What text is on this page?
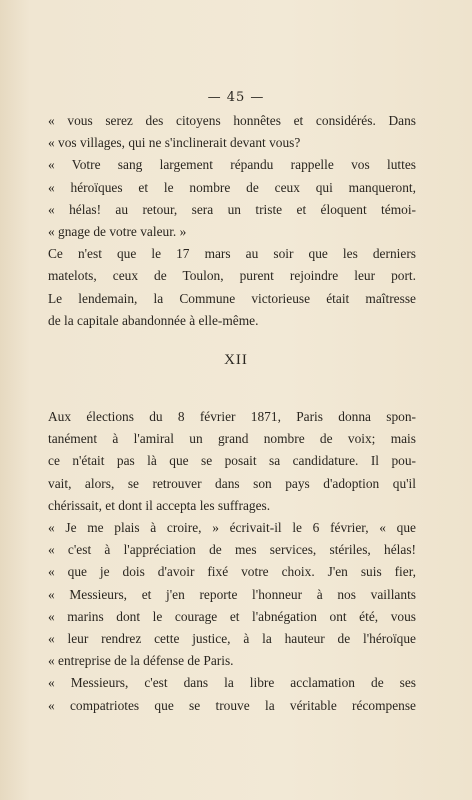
— 45 —
« vous serez des citoyens honnêtes et considérés. Dans
« vos villages, qui ne s'inclinerait devant vous?
« Votre sang largement répandu rappelle vos luttes
« héroïques et le nombre de ceux qui manqueront,
« hélas! au retour, sera un triste et éloquent témoi-
« gnage de votre valeur. »
Ce n'est que le 17 mars au soir que les derniers
matelots, ceux de Toulon, purent rejoindre leur port.
Le lendemain, la Commune victorieuse était maîtresse
de la capitale abandonnée à elle-même.
XII
Aux élections du 8 février 1871, Paris donna spon-
tanément à l'amiral un grand nombre de voix; mais
ce n'était pas là que se posait sa candidature. Il pou-
vait, alors, se retrouver dans son pays d'adoption qu'il
chérissait, et dont il accepta les suffrages.
« Je me plais à croire, » écrivait-il le 6 février, « que
« c'est à l'appréciation de mes services, stériles, hélas!
« que je dois d'avoir fixé votre choix. J'en suis fier,
« Messieurs, et j'en reporte l'honneur à nos vaillants
« marins dont le courage et l'abnégation ont été, vous
« leur rendrez cette justice, à la hauteur de l'héroïque
« entreprise de la défense de Paris.
« Messieurs, c'est dans la libre acclamation de ses
« compatriotes que se trouve la véritable récompense
